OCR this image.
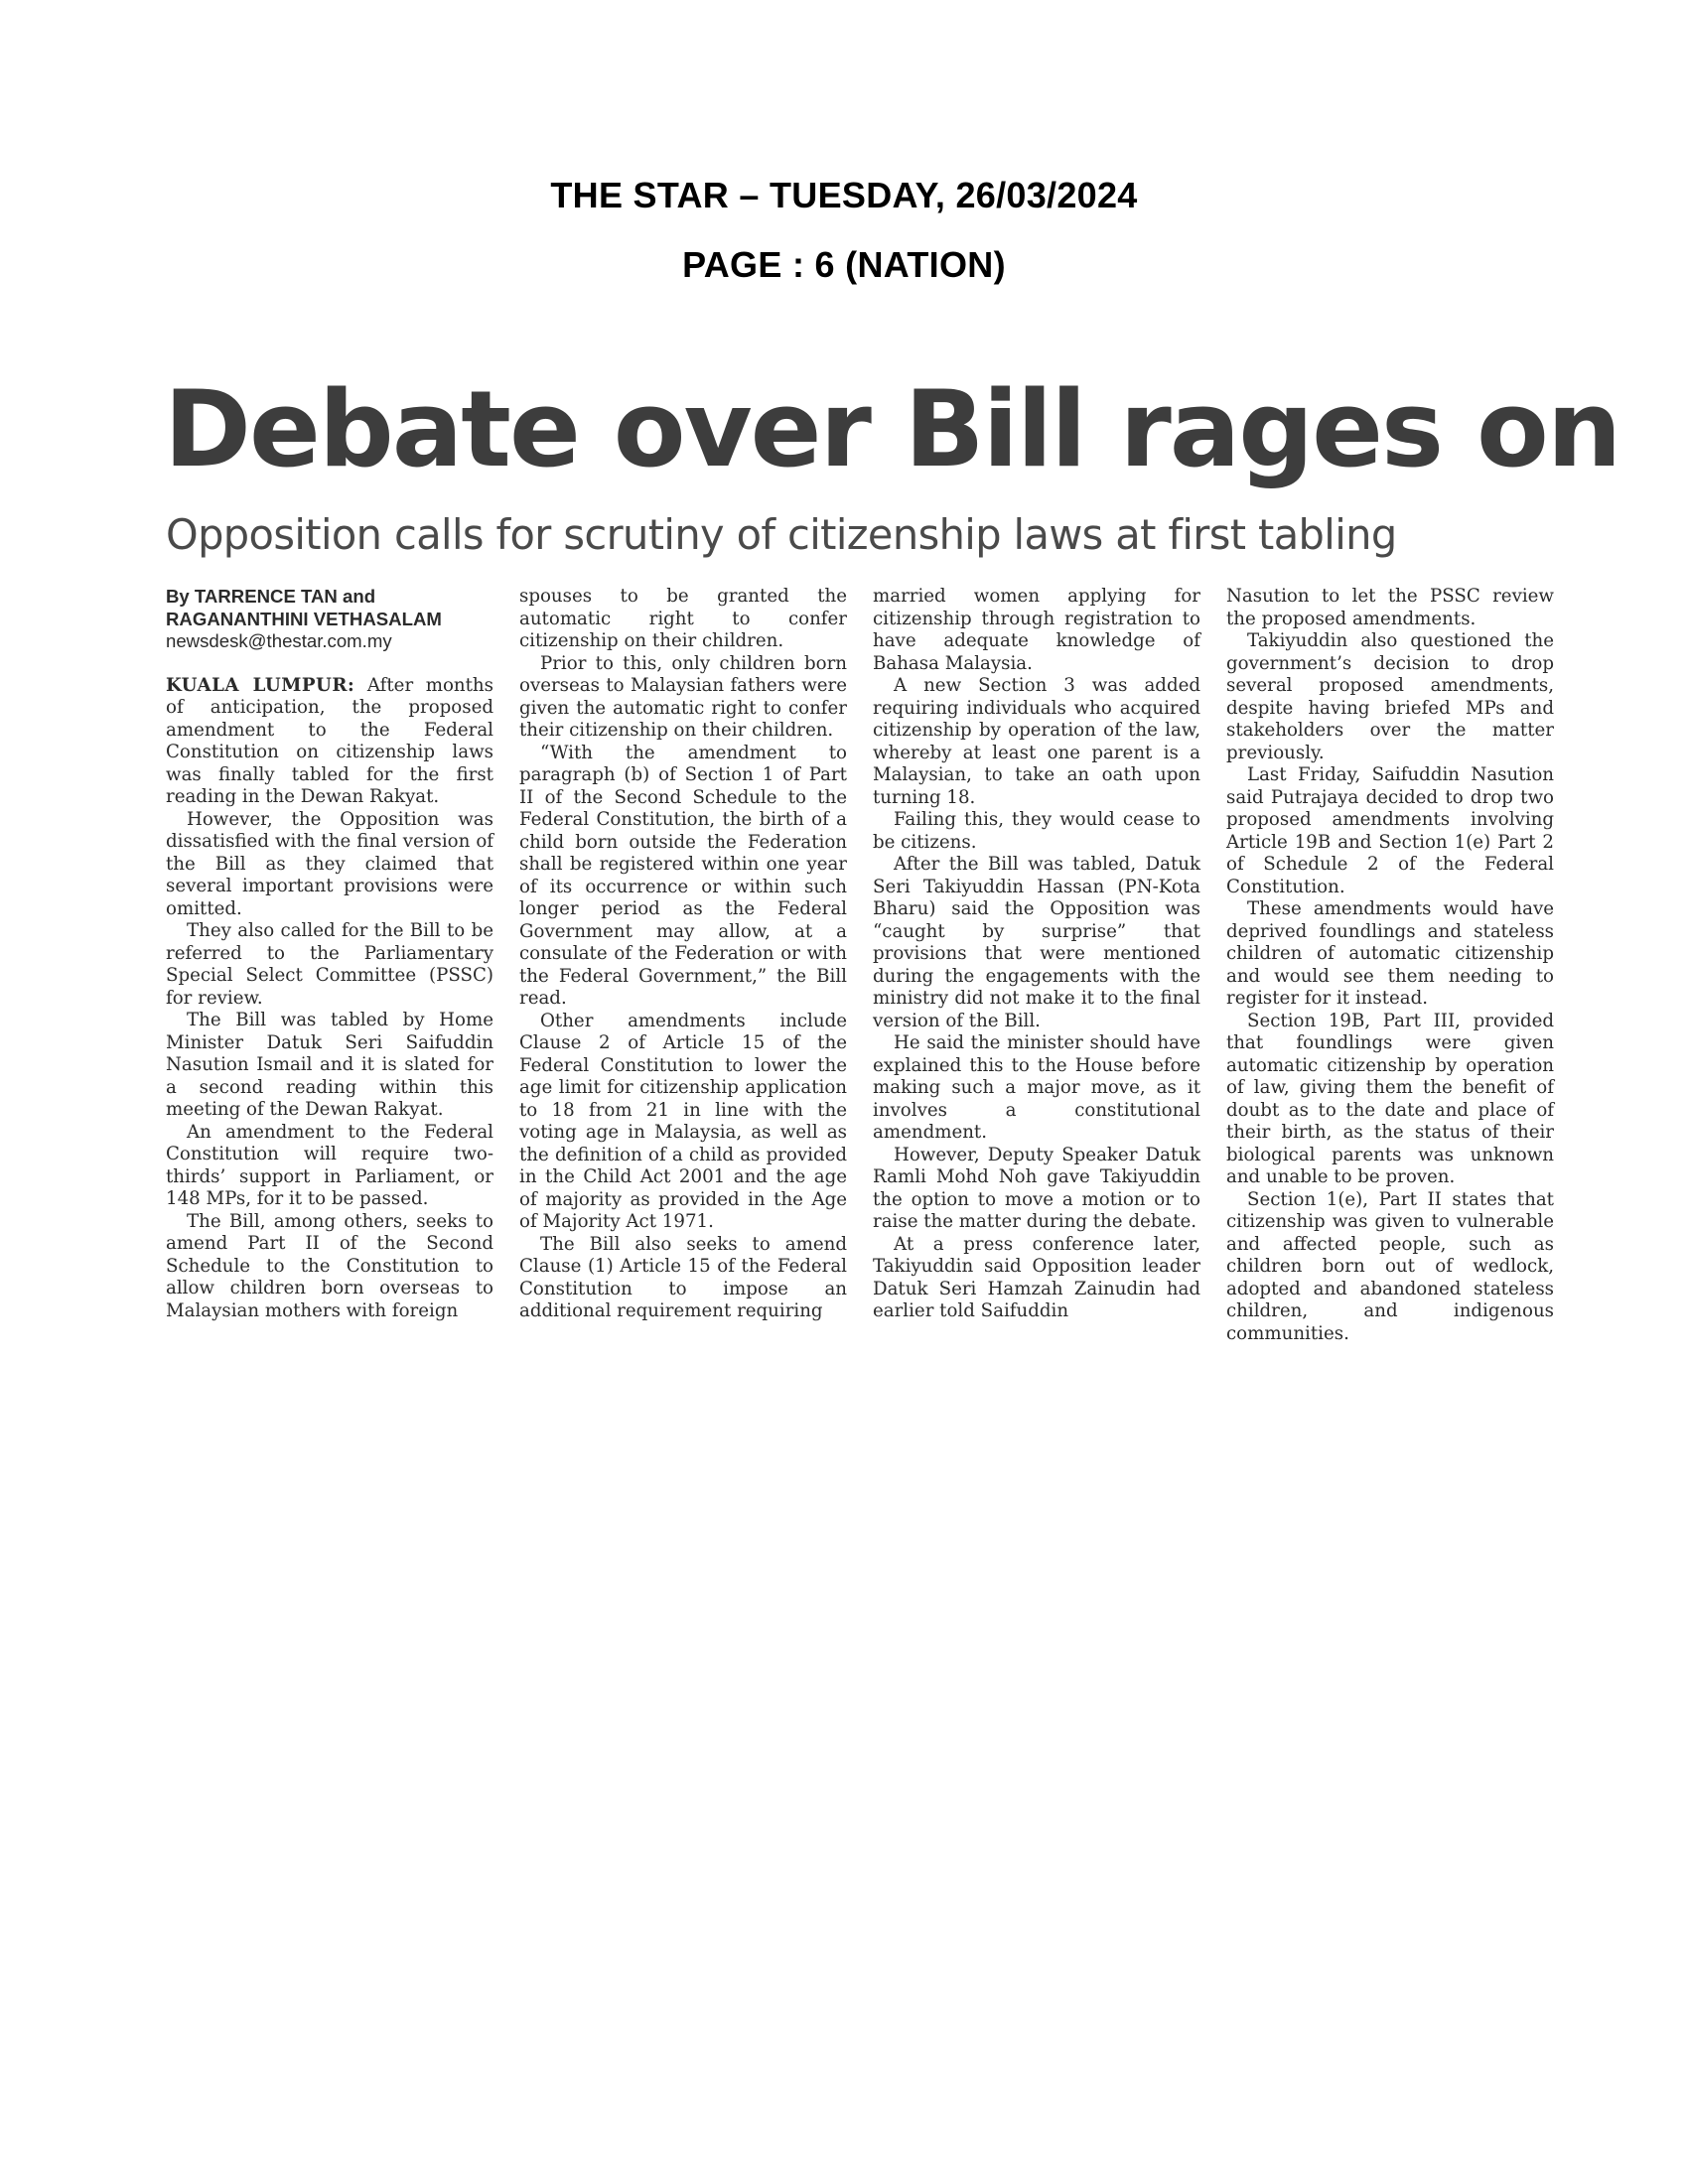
THE STAR – TUESDAY, 26/03/2024
PAGE : 6 (NATION)
Debate over Bill rages on
Opposition calls for scrutiny of citizenship laws at first tabling
By TARRENCE TAN and
RAGANANTHINI VETHASALAM
newsdesk@thestar.com.my

KUALA LUMPUR: After months of anticipation, the proposed amendment to the Federal Constitution on citizenship laws was finally tabled for the first reading in the Dewan Rakyat.

However, the Opposition was dissatisfied with the final version of the Bill as they claimed that several important provisions were omitted.

They also called for the Bill to be referred to the Parliamentary Special Select Committee (PSSC) for review.

The Bill was tabled by Home Minister Datuk Seri Saifuddin Nasution Ismail and it is slated for a second reading within this meeting of the Dewan Rakyat.

An amendment to the Federal Constitution will require two-thirds’ support in Parliament, or 148 MPs, for it to be passed.

The Bill, among others, seeks to amend Part II of the Second Schedule to the Constitution to allow children born overseas to Malaysian mothers with foreign

spouses to be granted the automatic right to confer citizenship on their children.

Prior to this, only children born overseas to Malaysian fathers were given the automatic right to confer their citizenship on their children.

“With the amendment to paragraph (b) of Section 1 of Part II of the Second Schedule to the Federal Constitution, the birth of a child born outside the Federation shall be registered within one year of its occurrence or within such longer period as the Federal Government may allow, at a consulate of the Federation or with the Federal Government,” the Bill read.

Other amendments include Clause 2 of Article 15 of the Federal Constitution to lower the age limit for citizenship application to 18 from 21 in line with the voting age in Malaysia, as well as the definition of a child as provided in the Child Act 2001 and the age of majority as provided in the Age of Majority Act 1971.

The Bill also seeks to amend Clause (1) Article 15 of the Federal Constitution to impose an additional requirement requiring

married women applying for citizenship through registration to have adequate knowledge of Bahasa Malaysia.

A new Section 3 was added requiring individuals who acquired citizenship by operation of the law, whereby at least one parent is a Malaysian, to take an oath upon turning 18.

Failing this, they would cease to be citizens.

After the Bill was tabled, Datuk Seri Takiyuddin Hassan (PN-Kota Bharu) said the Opposition was “caught by surprise” that provisions that were mentioned during the engagements with the ministry did not make it to the final version of the Bill.

He said the minister should have explained this to the House before making such a major move, as it involves a constitutional amendment.

However, Deputy Speaker Datuk Ramli Mohd Noh gave Takiyuddin the option to move a motion or to raise the matter during the debate.

At a press conference later, Takiyuddin said Opposition leader Datuk Seri Hamzah Zainudin had earlier told Saifuddin

Nasution to let the PSSC review the proposed amendments.

Takiyuddin also questioned the government’s decision to drop several proposed amendments, despite having briefed MPs and stakeholders over the matter previously.

Last Friday, Saifuddin Nasution said Putrajaya decided to drop two proposed amendments involving Article 19B and Section 1(e) Part 2 of Schedule 2 of the Federal Constitution.

These amendments would have deprived foundlings and stateless children of automatic citizenship and would see them needing to register for it instead.

Section 19B, Part III, provided that foundlings were given automatic citizenship by operation of law, giving them the benefit of doubt as to the date and place of their birth, as the status of their biological parents was unknown and unable to be proven.

Section 1(e), Part II states that citizenship was given to vulnerable and affected people, such as children born out of wedlock, adopted and abandoned stateless children, and indigenous communities.
